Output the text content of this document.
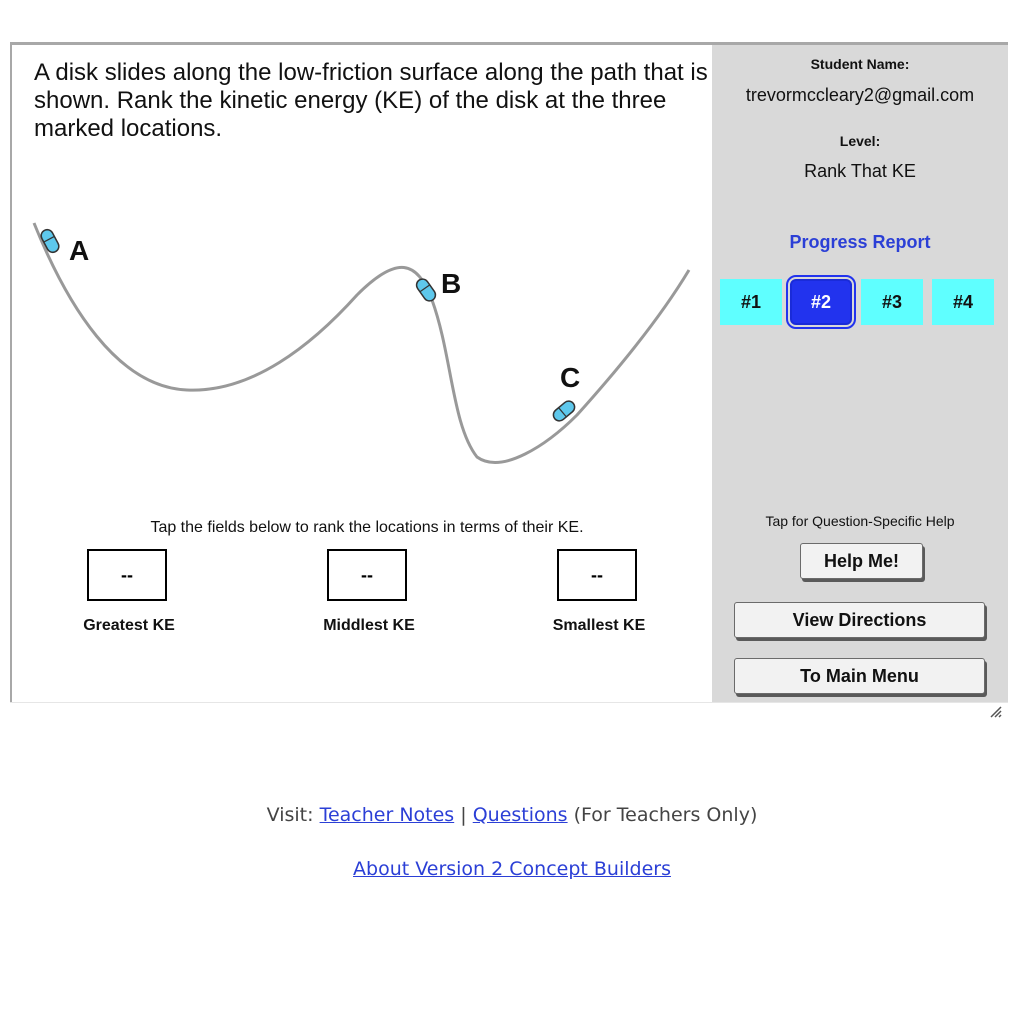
A disk slides along the low-friction surface along the path that is shown. Rank the kinetic energy (KE) of the disk at the three marked locations.

A
B
C
Tap the fields below to rank the locations in terms of their KE.
--
Greatest KE
--
Middlest KE
--
Smallest KE
Student Name:
trevormccleary2@gmail.com
Level:
Rank That KE
Progress Report
#1	#2	#3	#4
Tap for Question-Specific Help
Help Me!
View Directions
To Main Menu
Visit: Teacher Notes | Questions (For Teachers Only)
About Version 2 Concept Builders
